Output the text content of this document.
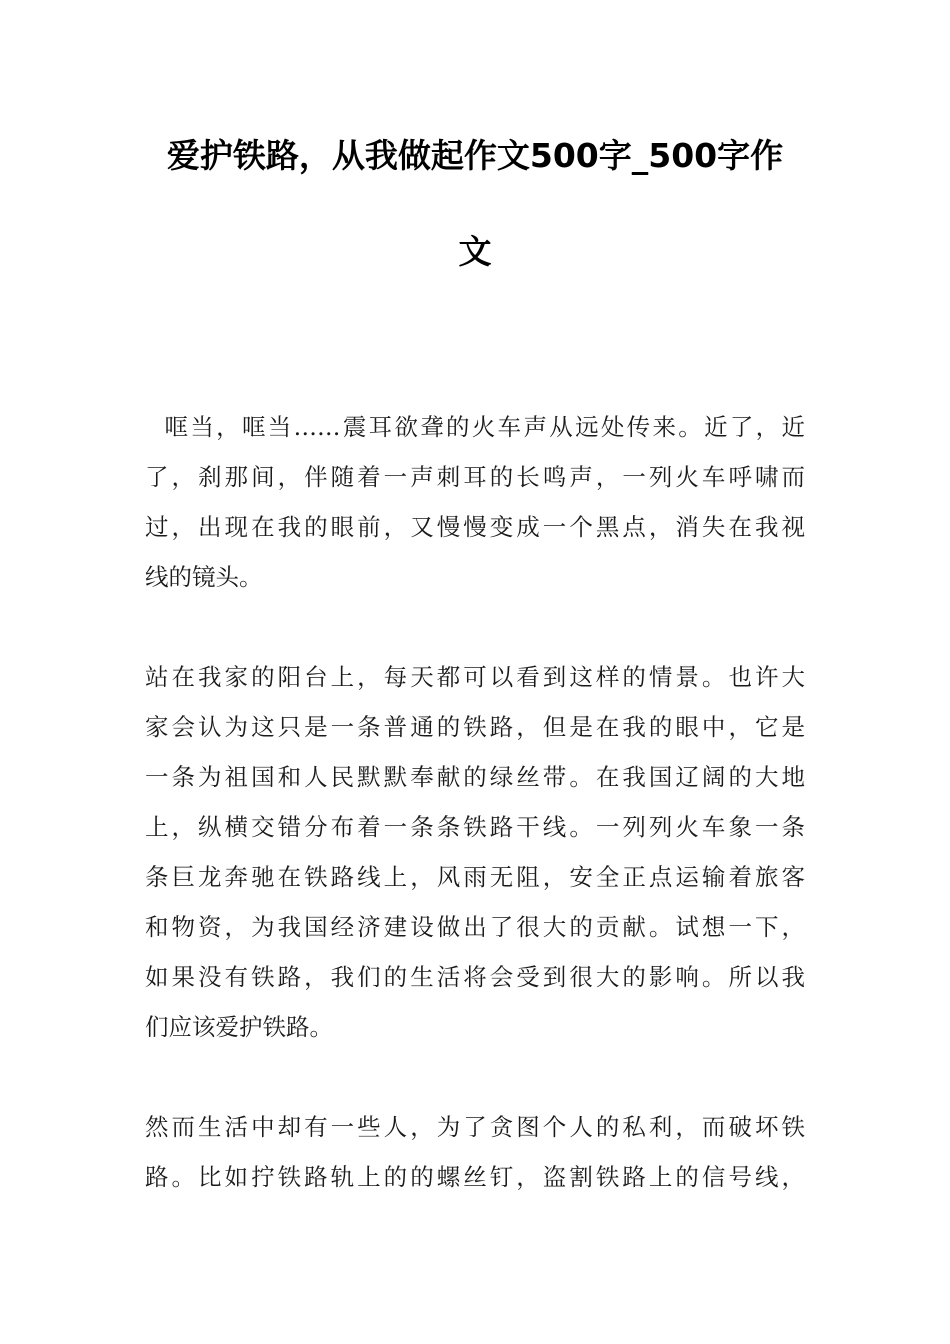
爱护铁路，从我做起作文500字_500字作
文
哐当，哐当……震耳欲聋的火车声从远处传来。近了，近
了，刹那间，伴随着一声刺耳的长鸣声，一列火车呼啸而
过，出现在我的眼前，又慢慢变成一个黑点，消失在我视
线的镜头。
站在我家的阳台上，每天都可以看到这样的情景。也许大
家会认为这只是一条普通的铁路，但是在我的眼中，它是
一条为祖国和人民默默奉献的绿丝带。在我国辽阔的大地
上，纵横交错分布着一条条铁路干线。一列列火车象一条
条巨龙奔驰在铁路线上，风雨无阻，安全正点运输着旅客
和物资，为我国经济建设做出了很大的贡献。试想一下，
如果没有铁路，我们的生活将会受到很大的影响。所以我
们应该爱护铁路。
然而生活中却有一些人，为了贪图个人的私利，而破坏铁
路。比如拧铁路轨上的的螺丝钉，盗割铁路上的信号线，
